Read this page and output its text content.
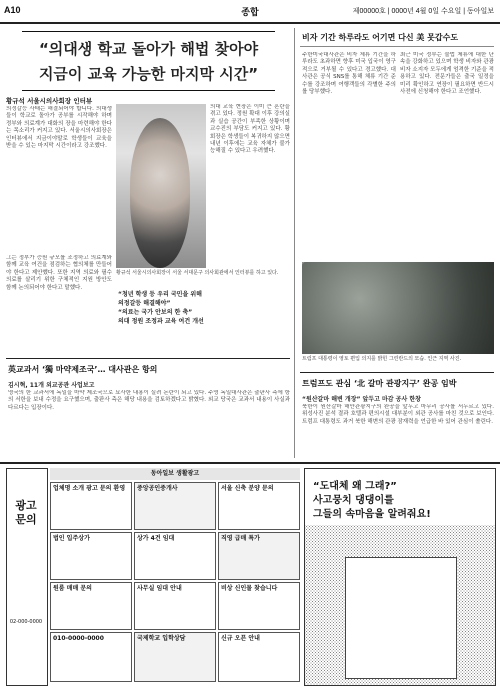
A10	종합	제00000호 | 0000년 4월 0일 수요일 | 동아일보
“의대생 학교 돌아가 해법 찾아야
지금이 교육 가능한 마지막 시간”
황규석 서울시의사회장 인터뷰
의정갈등 사태는 해결되어야 합니다. 의대생들이 학교로 돌아가 공부를 시작해야 하며 정부와 의료계가 대화의 장을 마련해야 한다는 목소리가 커지고 있다. 서울시의사회장은 인터뷰에서 지금이야말로 학생들이 교육을 받을 수 있는 마지막 시간이라고 강조했다.
황규석 서울시의사회장이 서울 서대문구 의사회관에서 인터뷰를 하고 있다.
의대 교육 현장은 이미 큰 혼란을 겪고 있다. 정원 확대 이후 강의실과 실습 공간이 부족한 상황이며 교수진의 부담도 커지고 있다. 황 회장은 학생들이 복귀하지 않으면 내년 이후에는 교육 자체가 불가능해질 수 있다고 우려했다.
그는 정부가 증원 규모를 조정하고 의료계와 함께 교육 여건을 점검하는 협의체를 만들어야 한다고 제안했다. 또한 지역 의료와 필수 의료를 살리기 위한 구체적인 지원 방안도 함께 논의되어야 한다고 말했다.
“청년 학생 등 우리 국민을 위해
의정갈등 해결해야”
“의료는 국가 안보의 한 축”
의대 정원 조정과 교육 여건 개선
英교과서 ‘獨 마약제조국’… 대사관은 항의
김시혁, 11개 외교공관 사업보고
영국의 한 교과서에 독일을 마약 제조국으로 묘사한 내용이 실려 논란이 되고 있다. 주영 독일대사관은 출판사 측에 항의 서한을 보내 수정을 요구했으며, 출판사 측은 해당 내용을 검토하겠다고 밝혔다. 외교 당국은 교과서 내용이 사실과 다르다는 입장이다.
비자 기간 하루라도 어기면 다신 美 못갑수도
주한미국대사관은 비자 체류 기간을 하루라도 초과하면 향후 미국 입국이 영구적으로 거부될 수 있다고 경고했다. 대사관은 공식 SNS를 통해 체류 기간 준수를 강조하며 여행객들의 각별한 주의를 당부했다.
최근 미국 정부는 불법 체류에 대한 단속을 강화하고 있으며 학생 비자와 관광 비자 소지자 모두에게 엄격한 기준을 적용하고 있다. 전문가들은 출국 일정을 미리 확인하고 연장이 필요하면 반드시 사전에 신청해야 한다고 조언했다.
트럼프 대통령이 영토 편입 의지를 밝힌 그린란드의 모습. 인근 지역 사진.
트럼프도 관심 ‘北 갈마 관광지구’ 완공 임박
“원산갈마 해변 개장” 앞두고 마감 공사 한창
북한이 원산갈마 해안관광지구의 완공을 앞두고 마무리 공사를 서두르고 있다. 위성사진 분석 결과 호텔과 편의시설 대부분이 외관 공사를 마친 것으로 보인다. 트럼프 대통령도 과거 북한 해변의 관광 잠재력을 언급한 바 있어 관심이 쏠린다.
광고문의
02-000-0000
동아일보 생활광고
업체명 소개 광고 문의 환영	중앙공인중개사	서울 신축 분양 문의
법인 입주상가	상가 4건 임대	직영 급매 특가
원룸 매매 문의	사무실 임대 안내	비상 신인물 찾습니다
010-0000-0000	국제학교 입학상담	신규 오픈 안내
“도대체 왜 그래?”
사고뭉치 댕댕이를
그들의 속마음을 알려줘요!
